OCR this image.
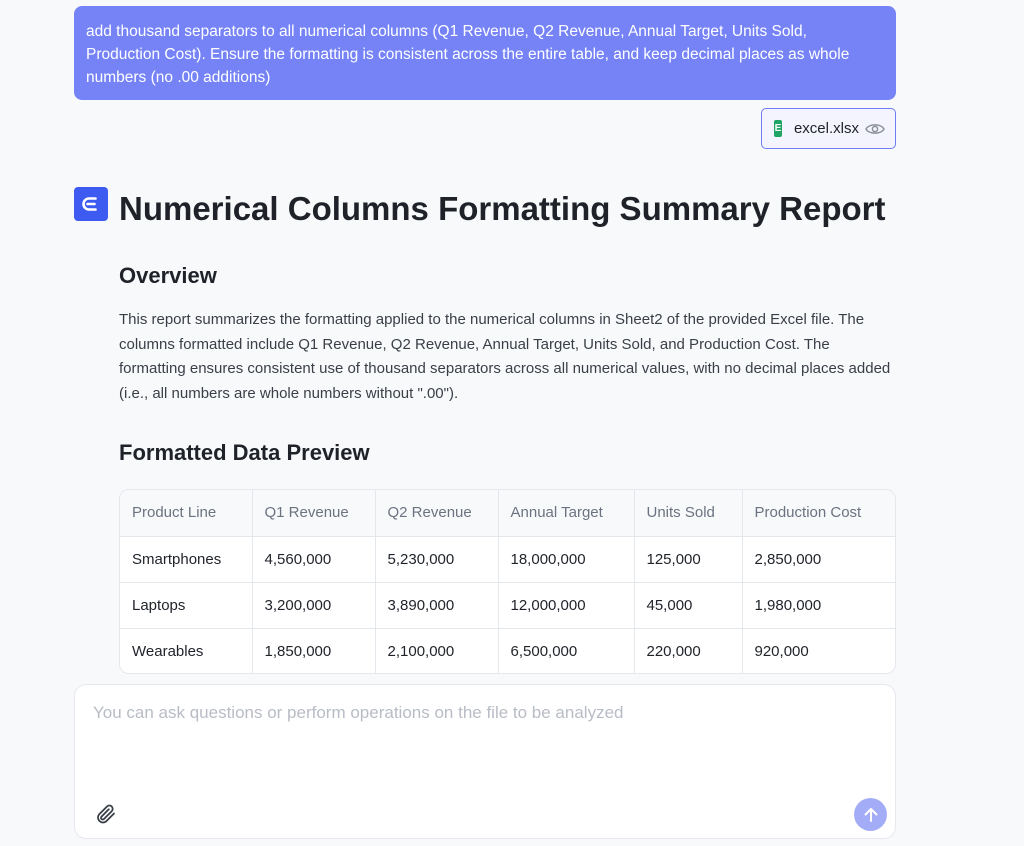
add thousand separators to all numerical columns (Q1 Revenue, Q2 Revenue, Annual Target, Units Sold, Production Cost). Ensure the formatting is consistent across the entire table, and keep decimal places as whole numbers (no .00 additions)
E excel.xlsx
Numerical Columns Formatting Summary Report
Overview

This report summarizes the formatting applied to the numerical columns in Sheet2 of the provided Excel file. The columns formatted include Q1 Revenue, Q2 Revenue, Annual Target, Units Sold, and Production Cost. The formatting ensures consistent use of thousand separators across all numerical values, with no decimal places added (i.e., all numbers are whole numbers without ".00").

Formatted Data Preview
Product Line	Q1 Revenue	Q2 Revenue	Annual Target	Units Sold	Production Cost
Smartphones	4,560,000	5,230,000	18,000,000	125,000	2,850,000
Laptops	3,200,000	3,890,000	12,000,000	45,000	1,980,000
Wearables	1,850,000	2,100,000	6,500,000	220,000	920,000
You can ask questions or perform operations on the file to be analyzed
